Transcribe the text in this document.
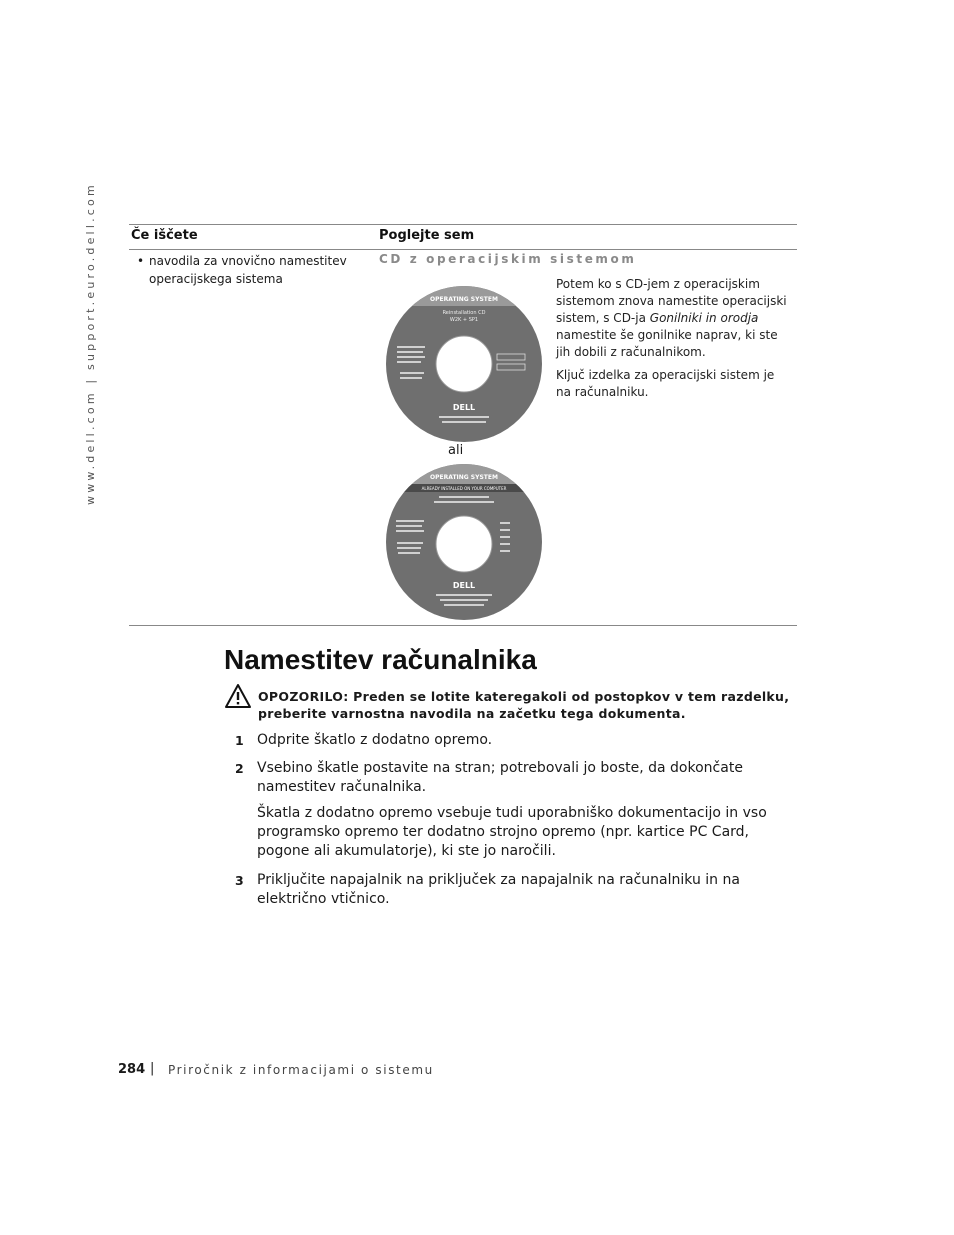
www.dell.com | support.euro.dell.com	Če iščete	Poglejte sem
• navodila za vnovično namestitev operacijskega sistema
CD z operacijskim sistemom
OPERATING SYSTEM
Reinstallation CD
W2K + SP1
DELL
ali
OPERATING SYSTEM
ALREADY INSTALLED ON YOUR COMPUTER
DELL

Potem ko s CD-jem z operacijskim sistemom znova namestite operacijski sistem, s CD-ja Gonilniki in orodja namestite še gonilnike naprav, ki ste jih dobili z računalnikom.

Ključ izdelka za operacijski sistem je na računalniku.

Namestitev računalnika
OPOZORILO: Preden se lotite kateregakoli od postopkov v tem razdelku, preberite varnostna navodila na začetku tega dokumenta.
1 Odprite škatlo z dodatno opremo.
2 Vsebino škatle postavite na stran; potrebovali jo boste, da dokončate namestitev računalnika.
Škatla z dodatno opremo vsebuje tudi uporabniško dokumentacijo in vso programsko opremo ter dodatno strojno opremo (npr. kartice PC Card, pogone ali akumulatorje), ki ste jo naročili.
3 Priključite napajalnik na priključek za napajalnik na računalniku in na električno vtičnico.
284 | Priročnik z informacijami o sistemu
